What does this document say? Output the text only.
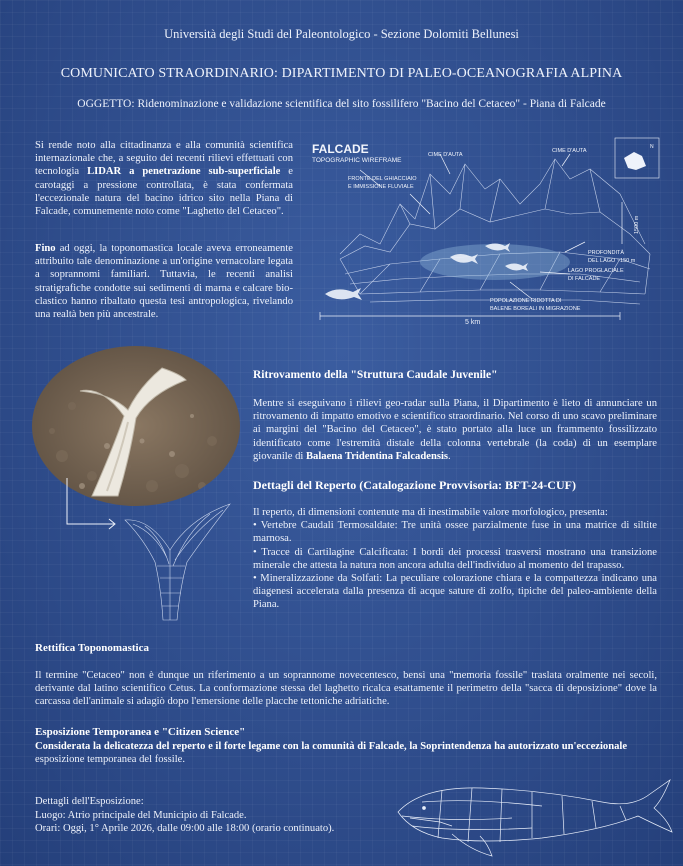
Università degli Studi del Paleontologico - Sezione Dolomiti Bellunesi
COMUNICATO STRAORDINARIO: DIPARTIMENTO DI PALEO-OCEANOGRAFIA ALPINA
OGGETTO: Ridenominazione e validazione scientifica del sito fossilifero "Bacino del Cetaceo" - Piana di Falcade
Si rende noto alla cittadinanza e alla comunità scientifica internazionale che, a seguito dei recenti rilievi effettuati con tecnologia LIDAR a penetrazione sub-superficiale e carotaggi a pressione controllata, è stata confermata l'eccezionale natura del bacino idrico sito nella Piana di Falcade, comunemente noto come "Laghetto del Cetaceo".
Fino ad oggi, la toponomastica locale aveva erroneamente attribuito tale denominazione a un'origine vernacolare legata a soprannomi familiari. Tuttavia, le recenti analisi stratigrafiche condotte sui sedimenti di marna e calcare bio-clastico hanno ribaltato questa tesi antropologica, rivelando una realtà ben più ancestrale.
FALCADE
TOPOGRAPHIC WIREFRAME
CIME D'AUTA
CIME D'AUTA
FRONTE DEL GHIACCIAIO
E IMMISSIONE FLUVIALE
PROFONDITÀ
DEL LAGO ~150 m
LAGO PROGLACIALE
DI FALCADE
POPOLAZIONE RIDOTTA DI
BALENE BOREALI IN MIGRAZIONE
5 km
1500 m
N
Ritrovamento della "Struttura Caudale Juvenile"
Mentre si eseguivano i rilievi geo-radar sulla Piana, il Dipartimento è lieto di annunciare un ritrovamento di impatto emotivo e scientifico straordinario. Nel corso di uno scavo preliminare ai margini del "Bacino del Cetaceo", è stato portato alla luce un frammento fossilizzato identificato come l'estremità distale della colonna vertebrale (la coda) di un esemplare giovanile di Balaena Tridentina Falcadensis.
Dettagli del Reperto (Catalogazione Provvisoria: BFT-24-CUF)
Il reperto, di dimensioni contenute ma di inestimabile valore morfologico, presenta:
• Vertebre Caudali Termosaldate: Tre unità ossee parzialmente fuse in una matrice di siltite marnosa.
• Tracce di Cartilagine Calcificata: I bordi dei processi trasversi mostrano una transizione minerale che attesta la natura non ancora adulta dell'individuo al momento del trapasso.
• Mineralizzazione da Solfati: La peculiare colorazione chiara e la compattezza indicano una diagenesi accelerata dalla presenza di acque sature di zolfo, tipiche del paleo-ambiente della Piana.
Rettifica Toponomastica
Il termine "Cetaceo" non è dunque un riferimento a un soprannome novecentesco, bensì una "memoria fossile" traslata oralmente nei secoli, derivante dal latino scientifico Cetus. La conformazione stessa del laghetto ricalca esattamente il perimetro della "sacca di deposizione" dove la carcassa dell'animale si adagiò dopo l'emersione delle placche tettoniche adriatiche.
Esposizione Temporanea e "Citizen Science"
Considerata la delicatezza del reperto e il forte legame con la comunità di Falcade, la Soprintendenza ha autorizzato un'eccezionale
esposizione temporanea del fossile.
Dettagli dell'Esposizione:
Luogo: Atrio principale del Municipio di Falcade.
Orari: Oggi, 1° Aprile 2026, dalle 09:00 alle 18:00 (orario continuato).
